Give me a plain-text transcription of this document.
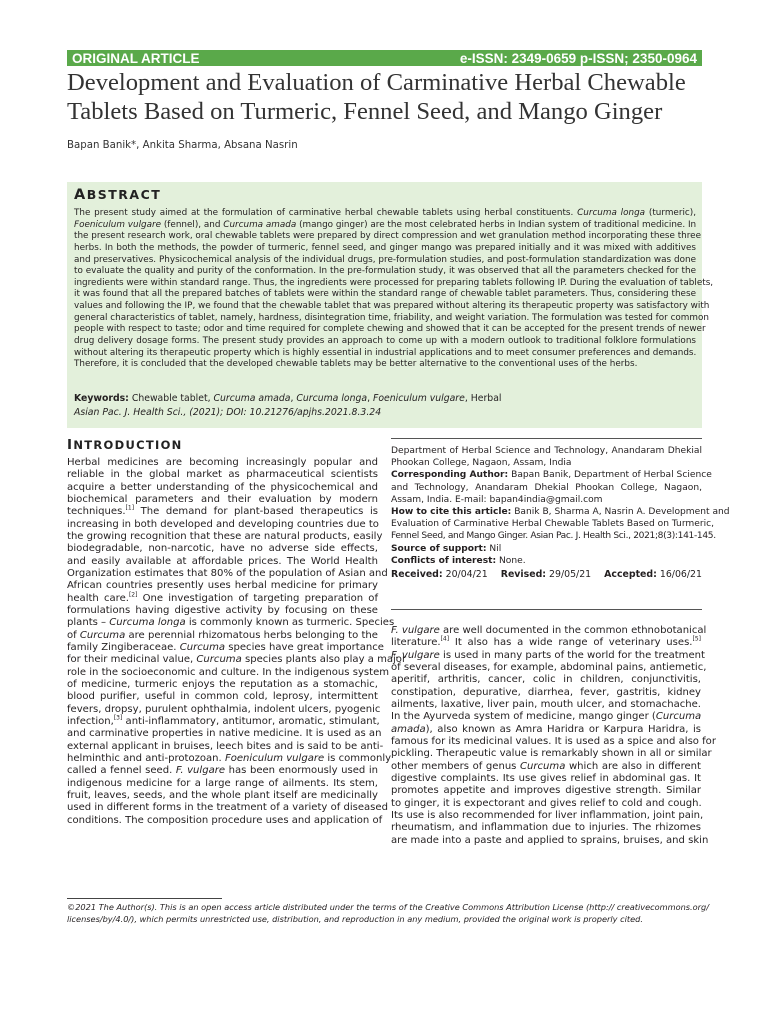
ORIGINAL ARTICLE	e-ISSN: 2349-0659 p-ISSN; 2350-0964
Development and Evaluation of Carminative Herbal Chewable
Tablets Based on Turmeric, Fennel Seed, and Mango Ginger
Bapan Banik*, Ankita Sharma, Absana Nasrin
ABSTRACT
The present study aimed at the formulation of carminative herbal chewable tablets using herbal constituents. Curcuma longa (turmeric),
Foeniculum vulgare (fennel), and Curcuma amada (mango ginger) are the most celebrated herbs in Indian system of traditional medicine. In
the present research work, oral chewable tablets were prepared by direct compression and wet granulation method incorporating these three
herbs. In both the methods, the powder of turmeric, fennel seed, and ginger mango was prepared initially and it was mixed with additives
and preservatives. Physicochemical analysis of the individual drugs, pre-formulation studies, and post-formulation standardization was done
to evaluate the quality and purity of the conformation. In the pre-formulation study, it was observed that all the parameters checked for the
ingredients were within standard range. Thus, the ingredients were processed for preparing tablets following IP. During the evaluation of tablets,
it was found that all the prepared batches of tablets were within the standard range of chewable tablet parameters. Thus, considering these
values and following the IP, we found that the chewable tablet that was prepared without altering its therapeutic property was satisfactory with
general characteristics of tablet, namely, hardness, disintegration time, friability, and weight variation. The formulation was tested for common
people with respect to taste; odor and time required for complete chewing and showed that it can be accepted for the present trends of newer
drug delivery dosage forms. The present study provides an approach to come up with a modern outlook to traditional folklore formulations
without altering its therapeutic property which is highly essential in industrial applications and to meet consumer preferences and demands.
Therefore, it is concluded that the developed chewable tablets may be better alternative to the conventional uses of the herbs.
Keywords: Chewable tablet, Curcuma amada, Curcuma longa, Foeniculum vulgare, Herbal
Asian Pac. J. Health Sci., (2021); DOI: 10.21276/apjhs.2021.8.3.24
INTRODUCTION
Herbal medicines are becoming increasingly popular and
reliable in the global market as pharmaceutical scientists
acquire a better understanding of the physicochemical and
biochemical parameters and their evaluation by modern
techniques.[1] The demand for plant-based therapeutics is
increasing in both developed and developing countries due to
the growing recognition that these are natural products, easily
biodegradable, non-narcotic, have no adverse side effects,
and easily available at affordable prices. The World Health
Organization estimates that 80% of the population of Asian and
African countries presently uses herbal medicine for primary
health care.[2] One investigation of targeting preparation of
formulations having digestive activity by focusing on these
plants – Curcuma longa is commonly known as turmeric. Species
of Curcuma are perennial rhizomatous herbs belonging to the
family Zingiberaceae. Curcuma species have great importance
for their medicinal value, Curcuma species plants also play a major
role in the socioeconomic and culture. In the indigenous system
of medicine, turmeric enjoys the reputation as a stomachic,
blood purifier, useful in common cold, leprosy, intermittent
fevers, dropsy, purulent ophthalmia, indolent ulcers, pyogenic
infection,[3] anti-inflammatory, antitumor, aromatic, stimulant,
and carminative properties in native medicine. It is used as an
external applicant in bruises, leech bites and is said to be anti-
helminthic and anti-protozoan. Foeniculum vulgare is commonly
called a fennel seed. F. vulgare has been enormously used in
indigenous medicine for a large range of ailments. Its stem,
fruit, leaves, seeds, and the whole plant itself are medicinally
used in different forms in the treatment of a variety of diseased
conditions. The composition procedure uses and application of
Department of Herbal Science and Technology, Anandaram Dhekial
Phookan College, Nagaon, Assam, India
Corresponding Author: Bapan Banik, Department of Herbal Science
and Technology, Anandaram Dhekial Phookan College, Nagaon,
Assam, India. E-mail: bapan4india@gmail.com
How to cite this article: Banik B, Sharma A, Nasrin A. Development and
Evaluation of Carminative Herbal Chewable Tablets Based on Turmeric,
Fennel Seed, and Mango Ginger. Asian Pac. J. Health Sci., 2021;8(3):141-145.
Source of support: Nil
Conflicts of interest: None.
Received: 20/04/21 Revised: 29/05/21 Accepted: 16/06/21
F. vulgare are well documented in the common ethnobotanical
literature.[4] It also has a wide range of veterinary uses.[5]
F. vulgare is used in many parts of the world for the treatment
of several diseases, for example, abdominal pains, antiemetic,
aperitif, arthritis, cancer, colic in children, conjunctivitis,
constipation, depurative, diarrhea, fever, gastritis, kidney
ailments, laxative, liver pain, mouth ulcer, and stomachache.
In the Ayurveda system of medicine, mango ginger (Curcuma
amada), also known as Amra Haridra or Karpura Haridra, is
famous for its medicinal values. It is used as a spice and also for
pickling. Therapeutic value is remarkably shown in all or similar
other members of genus Curcuma which are also in different
digestive complaints. Its use gives relief in abdominal gas. It
promotes appetite and improves digestive strength. Similar
to ginger, it is expectorant and gives relief to cold and cough.
Its use is also recommended for liver inflammation, joint pain,
rheumatism, and inflammation due to injuries. The rhizomes
are made into a paste and applied to sprains, bruises, and skin
©2021 The Author(s). This is an open access article distributed under the terms of the Creative Commons Attribution License (http:// creativecommons.org/
licenses/by/4.0/), which permits unrestricted use, distribution, and reproduction in any medium, provided the original work is properly cited.
